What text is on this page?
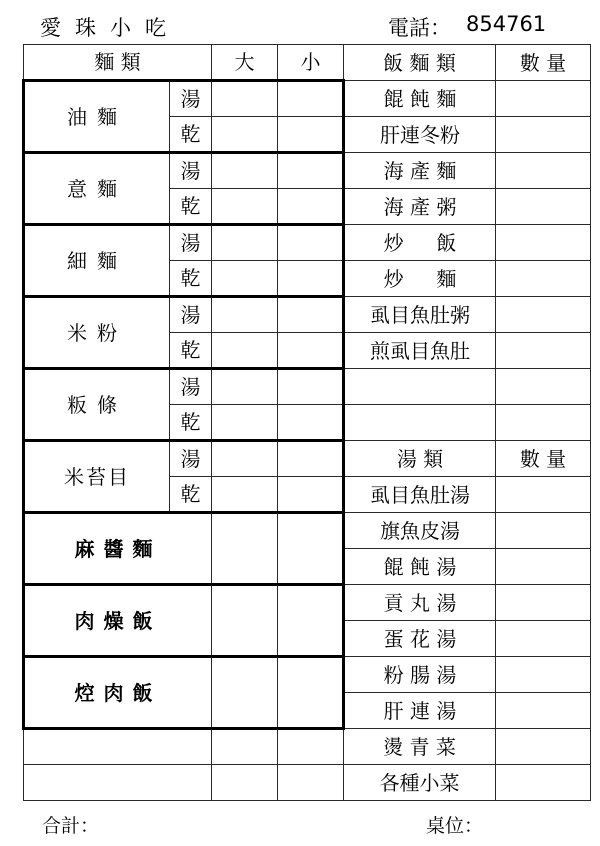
愛珠小吃	電話： 854761
麵 類		大	小	飯 麵 類	數 量
油麵	湯			餛 飩 麵	
	乾			肝連冬粉	
意麵	湯			海 產 麵	
	乾			海 產 粥	
細麵	湯			炒 　 飯	
	乾			炒 　 麵	
米粉	湯			虱目魚肚粥	
	乾			煎虱目魚肚	
粄條	湯				
	乾				
米苔目	湯			湯 類	數 量
	乾			虱目魚肚湯	
麻醬麵				旗魚皮湯	
				餛 飩 湯	
肉燥飯				貢 丸 湯	
				蛋 花 湯	
焢肉飯				粉 腸 湯	
				肝 連 湯	
				燙 青 菜	
				各種小菜	
合計：	桌位：
